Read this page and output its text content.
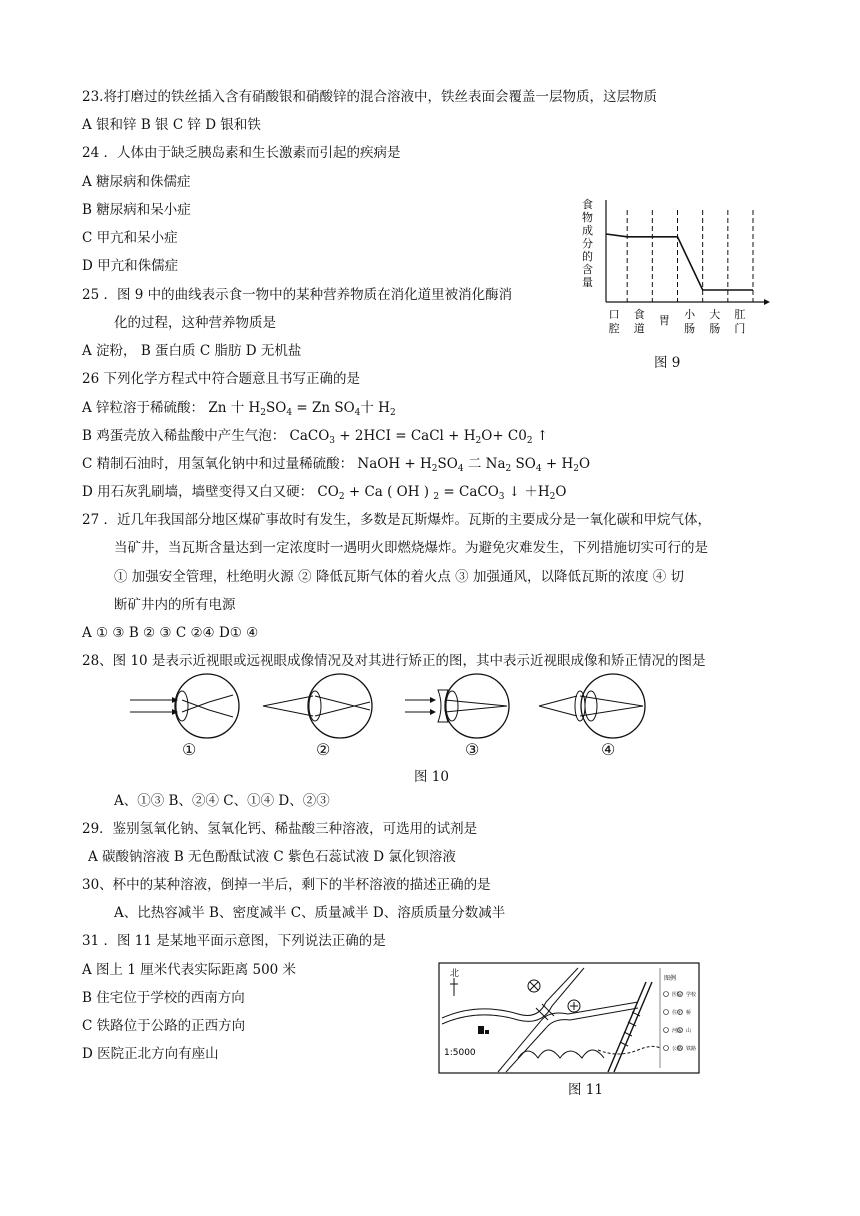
23.将打磨过的铁丝插入含有硝酸银和硝酸锌的混合溶液中，铁丝表面会覆盖一层物质，这层物质
A 银和锌 B 银 C 锌 D 银和铁
24 ．人体由于缺乏胰岛素和生长激素而引起的疾病是
A 糖尿病和侏儒症
B 糖尿病和呆小症
C 甲亢和呆小症
D 甲亢和侏儒症
25 ．图 9 中的曲线表示食一物中的某种营养物质在消化道里被消化酶消
化的过程，这种营养物质是
A 淀粉， B 蛋白质 C 脂肪 D 无机盐
食
物
成
分
的
含
量
口
腔
食
道
胃 小
肠
大
肠
肛
门
图 9
26 下列化学方程式中符合题意且书写正确的是
A 锌粒溶于稀硫酸： Zn 十 $H_2SO_4 = Zn$ $SO_4$十 $H_2$
B 鸡蛋壳放入稀盐酸中产生气泡： CaCO$_3$ + 2HCI = CaCl + $H_2O+ C0_2$ ↑
C 精制石油时，用氢氧化钠中和过量稀硫酸： NaOH + $H_2SO_4$ 二 $Na_2$ $SO_4 + H_2O$
D 用石灰乳刷墙，墙壁变得又白又硬： $CO_2 + Ca$ ( OH ) $_2$ = CaCO$_3$ ↓ $+H_2O$
27 ．近几年我国部分地区煤矿事故时有发生，多数是瓦斯爆炸。瓦斯的主要成分是一氧化碳和甲烷气体，
当矿井，当瓦斯含量达到一定浓度时一遇明火即燃烧爆炸。为避免灾难发生，下列措施切实可行的是
① 加强安全管理，杜绝明火源 ② 降低瓦斯气体的着火点 ③ 加强通风，以降低瓦斯的浓度 ④ 切
断矿井内的所有电源
A ① ③ B ② ③ C ②④ D① ④
28、图 10 是表示近视眼或远视眼成像情况及对其进行矫正的图，其中表示近视眼成像和矫正情况的图是
①	②	③	④
图 10
A、①③ B、②④ C、①④ D、②③
29．鉴别氢氧化钠、氢氧化钙、稀盐酸三种溶液，可选用的试剂是
A 碳酸钠溶液 B 无色酚酞试液 C 紫色石蕊试液 D 氯化钡溶液
30、杯中的某种溶液，倒掉一半后，剩下的半杯溶液的描述正确的是
A、比热容减半 B、密度减半 C、质量减半 D、溶质质量分数减半
31 ．图 11 是某地平面示意图，下列说法正确的是
A 图上 1 厘米代表实际距离 500 米
B 住宅位于学校的西南方向
C 铁路位于公路的正西方向
D 医院正北方向有座山
北
1:5000
图例
医院 学校
住宅 桥
河流 山
公路 铁路
图 11
